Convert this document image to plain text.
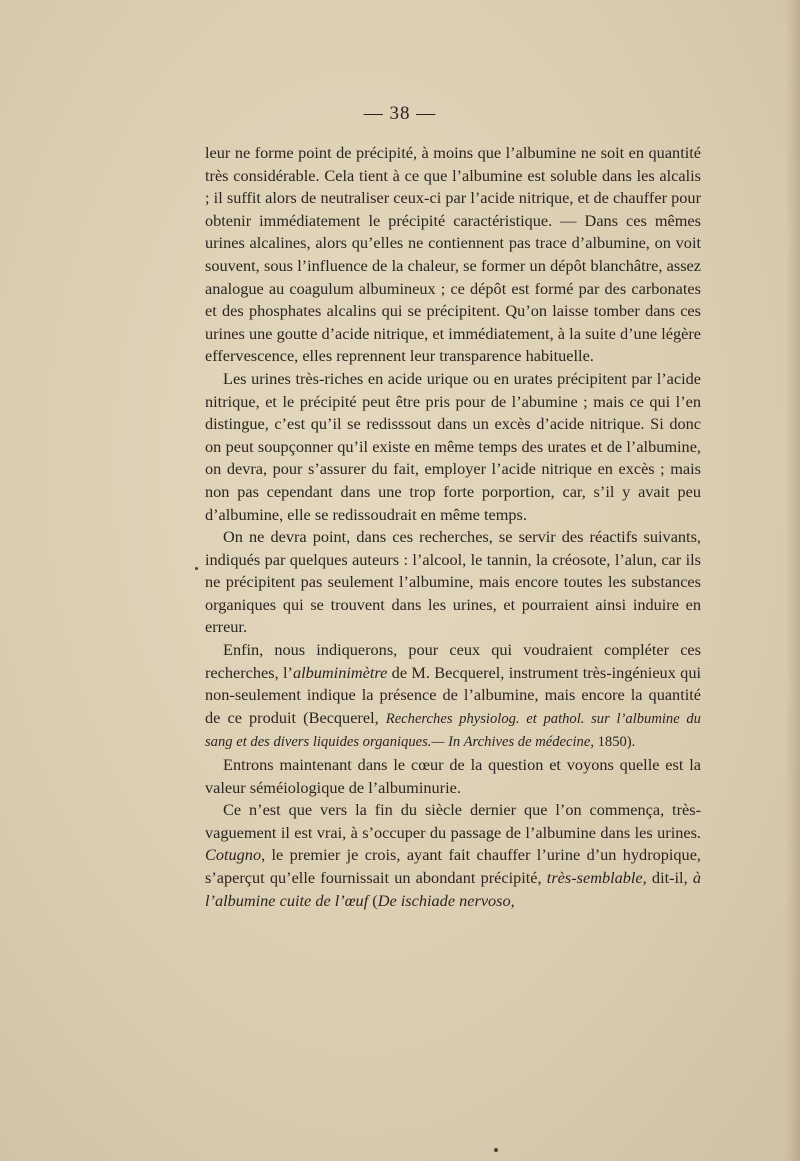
— 38 —

leur ne forme point de précipité, à moins que l’albumine ne soit en quantité très considérable. Cela tient à ce que l’albumine est soluble dans les alcalis ; il suffit alors de neutraliser ceux-ci par l’acide nitrique, et de chauffer pour obtenir immédiatement le précipité caractéristique. — Dans ces mêmes urines alcalines, alors qu’elles ne contiennent pas trace d’albumine, on voit souvent, sous l’influence de la chaleur, se former un dépôt blanchâtre, assez analogue au coagulum albumineux ; ce dépôt est formé par des carbonates et des phosphates alcalins qui se précipitent. Qu’on laisse tomber dans ces urines une goutte d’acide nitrique, et immédiatement, à la suite d’une légère effervescence, elles reprennent leur transparence habituelle.

Les urines très-riches en acide urique ou en urates précipitent par l’acide nitrique, et le précipité peut être pris pour de l’abumine ; mais ce qui l’en distingue, c’est qu’il se redisssout dans un excès d’acide nitrique. Si donc on peut soupçonner qu’il existe en même temps des urates et de l’albumine, on devra, pour s’assurer du fait, employer l’acide nitrique en excès ; mais non pas cependant dans une trop forte porportion, car, s’il y avait peu d’albumine, elle se redissoudrait en même temps.

On ne devra point, dans ces recherches, se servir des réactifs suivants, indiqués par quelques auteurs : l’alcool, le tannin, la créosote, l’alun, car ils ne précipitent pas seulement l’albumine, mais encore toutes les substances organiques qui se trouvent dans les urines, et pourraient ainsi induire en erreur.

Enfin, nous indiquerons, pour ceux qui voudraient compléter ces recherches, l’albuminimètre de M. Becquerel, instrument très-ingénieux qui non-seulement indique la présence de l’albumine, mais encore la quantité de ce produit (Becquerel, Recherches physiolog. et pathol. sur l’albumine du sang et des divers liquides organiques.— In Archives de médecine, 1850).

Entrons maintenant dans le cœur de la question et voyons quelle est la valeur séméiologique de l’albuminurie.

Ce n’est que vers la fin du siècle dernier que l’on commença, très-vaguement il est vrai, à s’occuper du passage de l’albumine dans les urines. Cotugno, le premier je crois, ayant fait chauffer l’urine d’un hydropique, s’aperçut qu’elle fournissait un abondant précipité, très-semblable, dit-il, à l’albumine cuite de l’œuf (De ischiade nervoso,
